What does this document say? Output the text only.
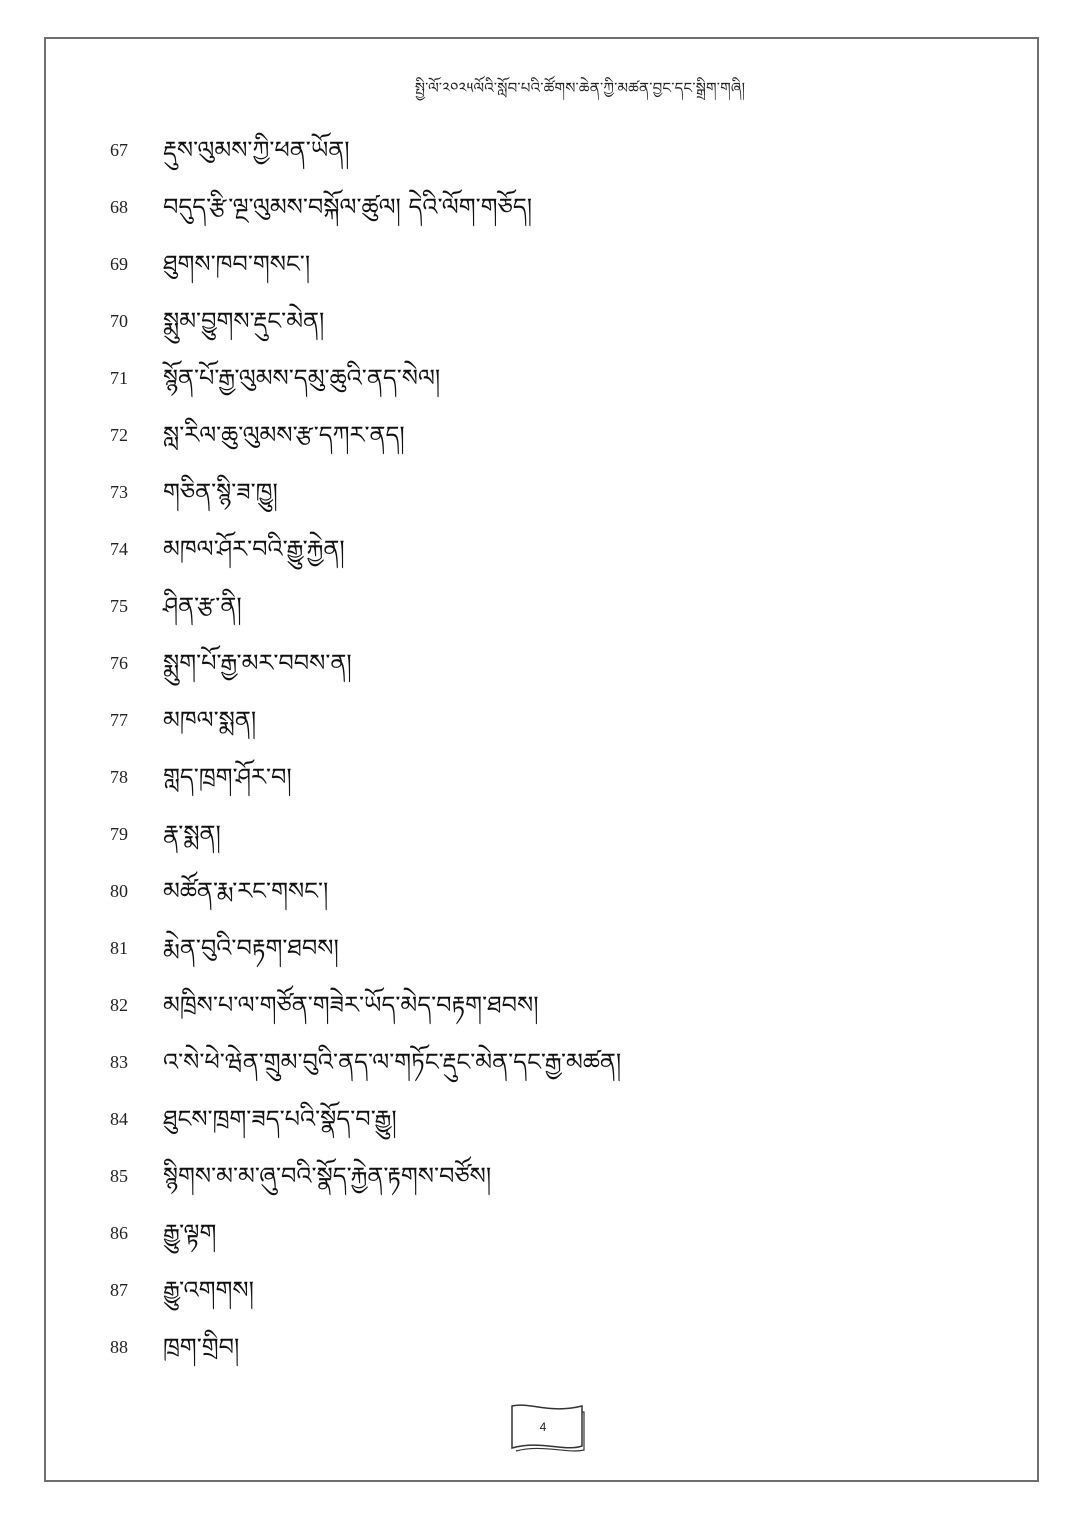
སྤྱི་ལོ་༢༠༢༥ལོའི་སློབ་པའི་ཚོགས་ཆེན་ཀྱི་མཚན་བྱང་དང་སྒྲིག་གཞི།
67	རྡུས་ལུམས་ཀྱི་ཕན་ཡོན།
68	བདུད་རྩི་ལྔ་ལུམས་བསྐོལ་ཚུལ། དེའི་ལོག་གཅོད།
69	ཐུགས་ཁབ་གསང་།
70	སྨུམ་བྱུགས་རྡུང་མེན།
71	སྙོན་པོ་རྒྱ་ལུམས་དམུ་ཆུའི་ནད་སེལ།
72	སླ་རིལ་ཆུ་ལུམས་རྩ་དཀར་ནད།
73	གཅིན་སྙི་ཟ་ཁྱུ།
74	མཁལ་ཤོར་བའི་རྒྱུ་རྐྱེན།
75	ཤིན་རྩ་ནི།
76	སྨུག་པོ་རྒྱ་མར་བབས་ན།
77	མཁལ་སྨན།
78	གླད་ཁྲག་ཤོར་བ།
79	རྣ་སྨན།
80	མཚོན་རྨ་རང་གསང་།
81	རྨེན་བུའི་བརྟག་ཐབས།
82	མཁྲིས་པ་ལ་གཙོན་གཟེར་ཡོད་མེད་བརྟག་ཐབས།
83	འ་སེ་ཕེ་ཝེན་གྲུམ་བུའི་ནད་ལ་གཏོང་རྡུང་མེན་དང་རྒྱ་མཚན།
84	ཐུངས་ཁྲག་ཟད་པའི་སྣོད་བ་རྒྱུ།
85	སྙིགས་མ་མ་ཞུ་བའི་སྣོད་རྐྱེན་རྟགས་བཙོས།
86	རྒྱུ་ལྟག
87	རྒྱུ་འགགས།
88	ཁྲག་གྲིབ།
4
